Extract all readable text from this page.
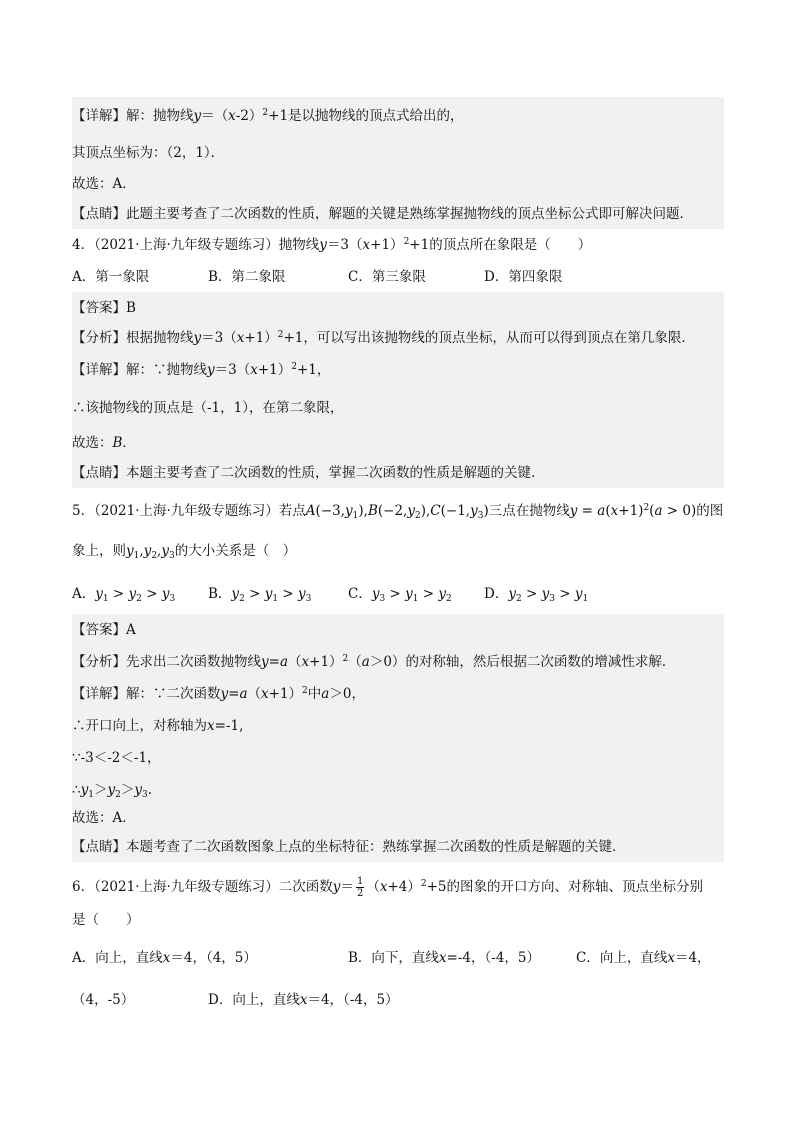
【详解】解：抛物线$y=(x-2)^2+1$是以抛物线的顶点式给出的，
其顶点坐标为：（2，1）．
故选：A．
【点睛】此题主要考查了二次函数的性质，解题的关键是熟练掌握抛物线的顶点坐标公式即可解决问题．
4．（2021·上海·九年级专题练习）抛物线$y=3(x+1)^2+1$的顶点所在象限是（　　）
A．第一象限	B．第二象限	C．第三象限	D．第四象限
【答案】B
【分析】根据抛物线$y=3(x+1)^2+1$，可以写出该抛物线的顶点坐标，从而可以得到顶点在第几象限．
【详解】解：∵抛物线$y=3(x+1)^2+1$，
∴该抛物线的顶点是（-1，1），在第二象限，
故选：B．
【点睛】本题主要考查了二次函数的性质，掌握二次函数的性质是解题的关键.
5．（2021·上海·九年级专题练习）若点$A(-3,y_1),B(-2,y_2),C(-1,y_3)$三点在抛物线$y = a(x+1)^2(a > 0)$的图
象上，则$y_1,y_2,y_3$的大小关系是（　）
A．$y_1 > y_2 > y_3$ B．$y_2 > y_1 > y_3$	C．$y_3 > y_1 > y_2$ D．$y_2 > y_3 > y_1$
【答案】A
【分析】先求出二次函数抛物线$y=a(x+1)^2(a>0)$的对称轴，然后根据二次函数的增减性求解．
【详解】解：∵二次函数$y=a(x+1)^2$中a＞0，
∴开口向上，对称轴为x=-1,
∵-3＜-2＜-1，
$\therefore y_1>y_2>y_3$.
故选：A．
【点睛】本题考查了二次函数图象上点的坐标特征：熟练掌握二次函数的性质是解题的关键．
6．（2021·上海·九年级专题练习）二次函数$y= \frac{1}{2} (x+4)^2+5$的图象的开口方向、对称轴、顶点坐标分别
是（　　）
A．向上，直线x＝4，（4，5）	B．向下，直线x=-4，（-4，5）	C．向上，直线x＝4，
（4，-5）	D．向上，直线x＝4，（-4，5）
